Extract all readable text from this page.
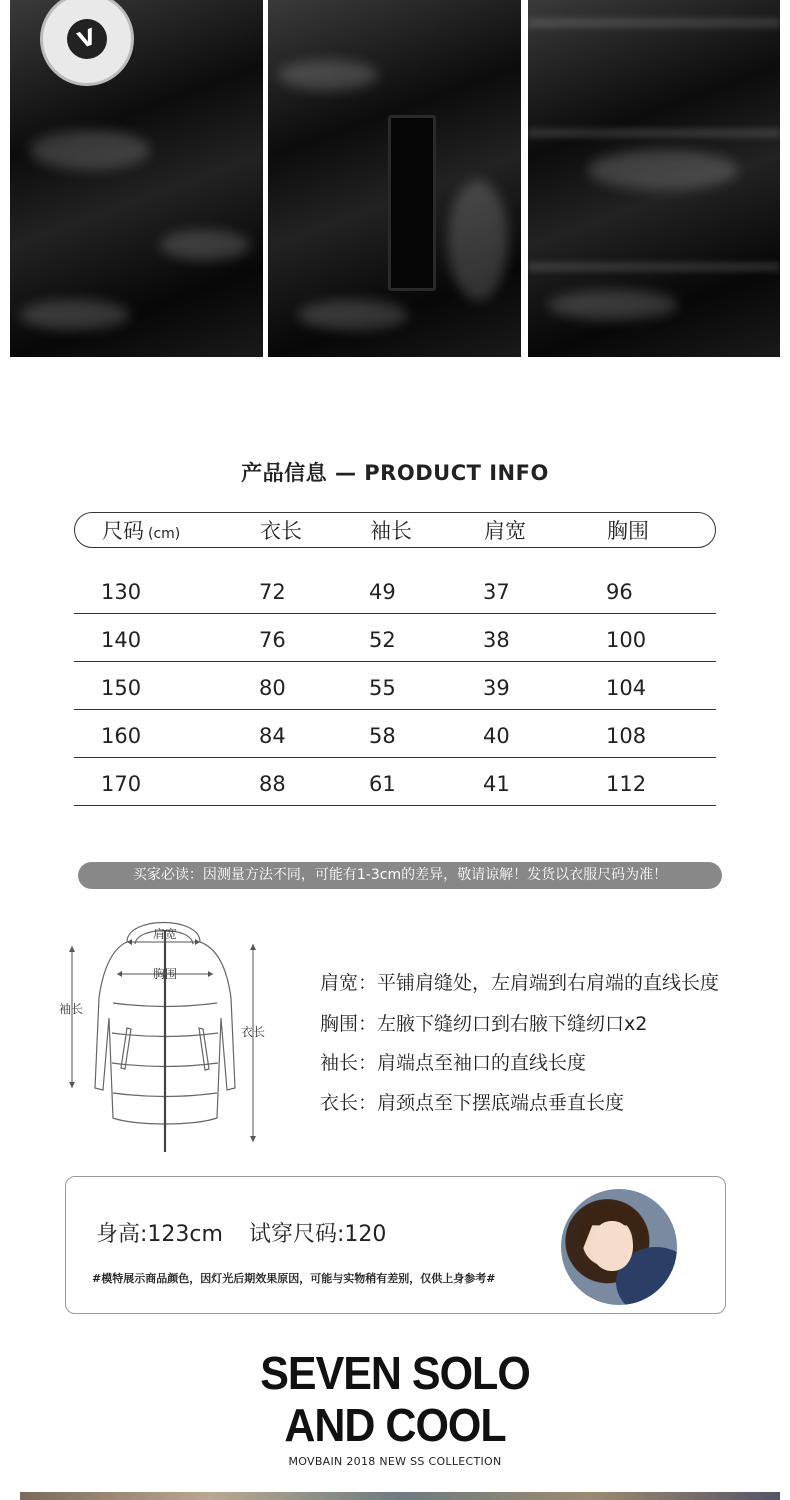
V
产品信息 — PRODUCT INFO
尺码 (cm)	衣长	袖长	肩宽	胸围
130	72	49	37	96
140	76	52	38	100
150	80	55	39	104
160	84	58	40	108
170	88	61	41	112
买家必读：因测量方法不同，可能有1-3cm的差异，敬请谅解！发货以衣服尺码为准！
肩宽
胸围
袖长
衣长
肩宽：平铺肩缝处，左肩端到右肩端的直线长度
胸围：左腋下缝纫口到右腋下缝纫口x2
袖长：肩端点至袖口的直线长度
衣长：肩颈点至下摆底端点垂直长度
身高:123cm 试穿尺码:120
#模特展示商品颜色，因灯光后期效果原因，可能与实物稍有差别，仅供上身参考#
SEVEN SOLO
AND COOL
MOVBAIN 2018 NEW SS COLLECTION
